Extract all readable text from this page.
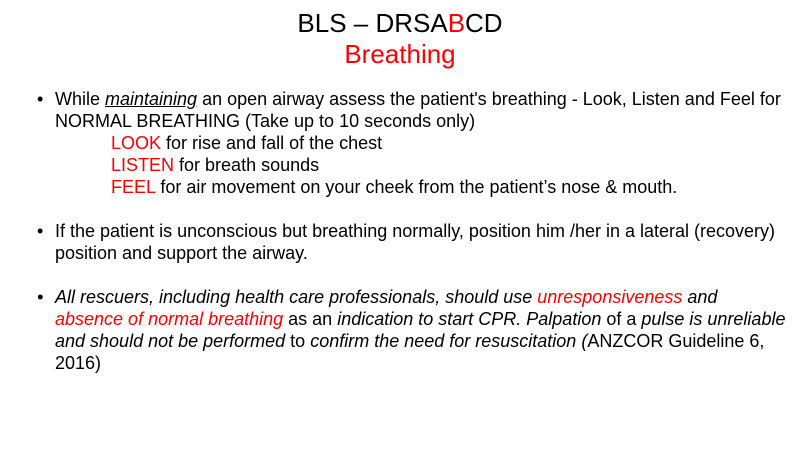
BLS – DRSABCD
Breathing
• While maintaining an open airway assess the patient's breathing - Look, Listen and Feel for NORMAL BREATHING (Take up to 10 seconds only)
LOOK for rise and fall of the chest
LISTEN for breath sounds
FEEL for air movement on your cheek from the patient’s nose & mouth.
• If the patient is unconscious but breathing normally, position him /her in a lateral (recovery) position and support the airway.
• All rescuers, including health care professionals, should use unresponsiveness and absence of normal breathing as an indication to start CPR. Palpation of a pulse is unreliable and should not be performed to confirm the need for resuscitation (ANZCOR Guideline 6, 2016)
